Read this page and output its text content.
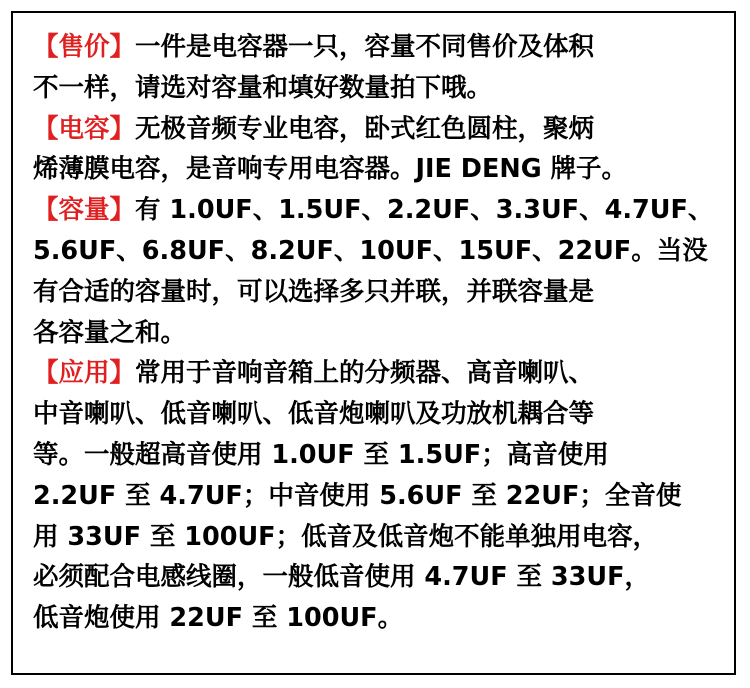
【售价】一件是电容器一只，容量不同售价及体积
不一样，请选对容量和填好数量拍下哦。

【电容】无极音频专业电容，卧式红色圆柱，聚炳
烯薄膜电容，是音响专用电容器。JIE DENG 牌子。

【容量】有 1.0UF、1.5UF、2.2UF、3.3UF、4.7UF、
5.6UF、6.8UF、8.2UF、10UF、15UF、22UF。当没
有合适的容量时，可以选择多只并联，并联容量是
各容量之和。

【应用】常用于音响音箱上的分频器、高音喇叭、
中音喇叭、低音喇叭、低音炮喇叭及功放机耦合等
等。一般超高音使用 1.0UF 至 1.5UF；高音使用
2.2UF 至 4.7UF；中音使用 5.6UF 至 22UF；全音使
用 33UF 至 100UF；低音及低音炮不能单独用电容，
必须配合电感线圈，一般低音使用 4.7UF 至 33UF，
低音炮使用 22UF 至 100UF。
